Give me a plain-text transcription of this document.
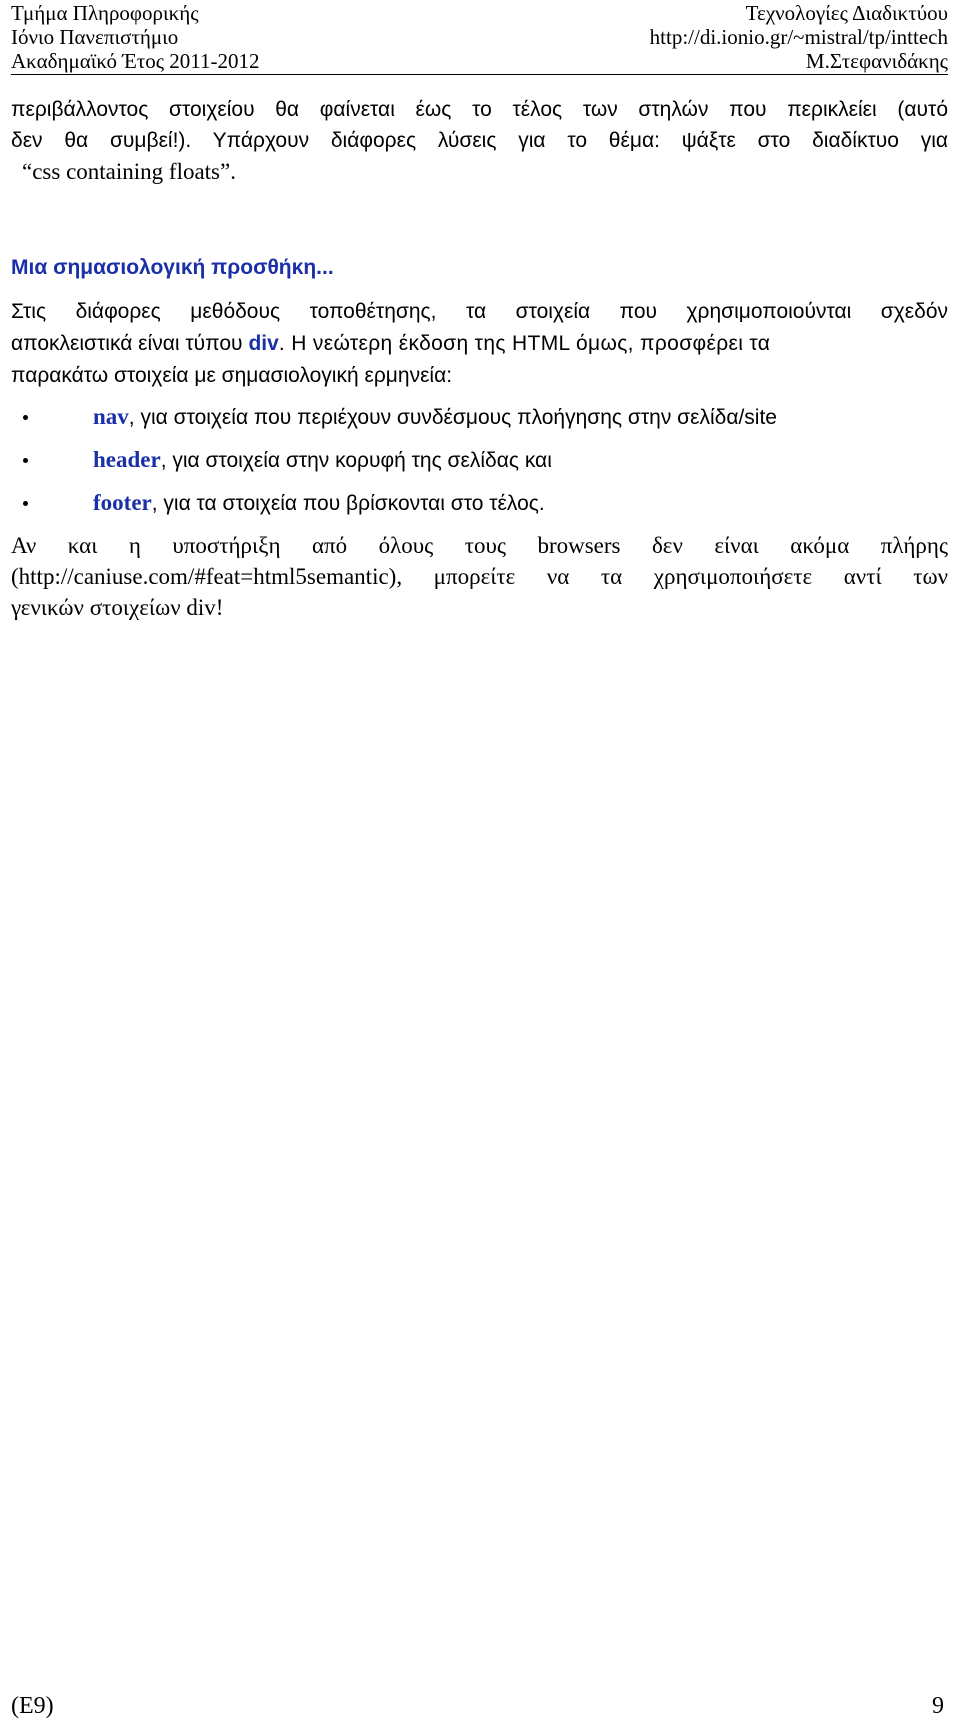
Τμήμα Πληροφορικής
Ιόνιο Πανεπιστήμιο
Ακαδημαϊκό Έτος 2011-2012
Τεχνολογίες Διαδικτύου
http://di.ionio.gr/~mistral/tp/inttech
Μ.Στεφανιδάκης
περιβάλλοντος στοιχείου θα φαίνεται έως το τέλος των στηλών που περικλείει (αυτό
δεν θα συμβεί!). Υπάρχουν διάφορες λύσεις για το θέμα: ψάξτε στο διαδίκτυο για
“css containing floats”.
Μια σημασιολογική προσθήκη...
Στις διάφορες μεθόδους τοποθέτησης, τα στοιχεία που χρησιμοποιούνται σχεδόν
αποκλειστικά είναι τύπου div . Η νεώτερη έκδοση της HTML όμως, προσφέρει τα
παρακάτω στοιχεία με σημασιολογική ερμηνεία:
nav, για στοιχεία που περιέχουν συνδέσμους πλοήγησης στην σελίδα/site
header, για στοιχεία στην κορυφή της σελίδας και
footer, για τα στοιχεία που βρίσκονται στο τέλος.
Αν και η υποστήριξη από όλους τους browsers δεν είναι ακόμα πλήρης
(http://caniuse.com/#feat=html5semantic), μπορείτε να τα χρησιμοποιήσετε αντί των
γενικών στοιχείων div!
(E9)	9
